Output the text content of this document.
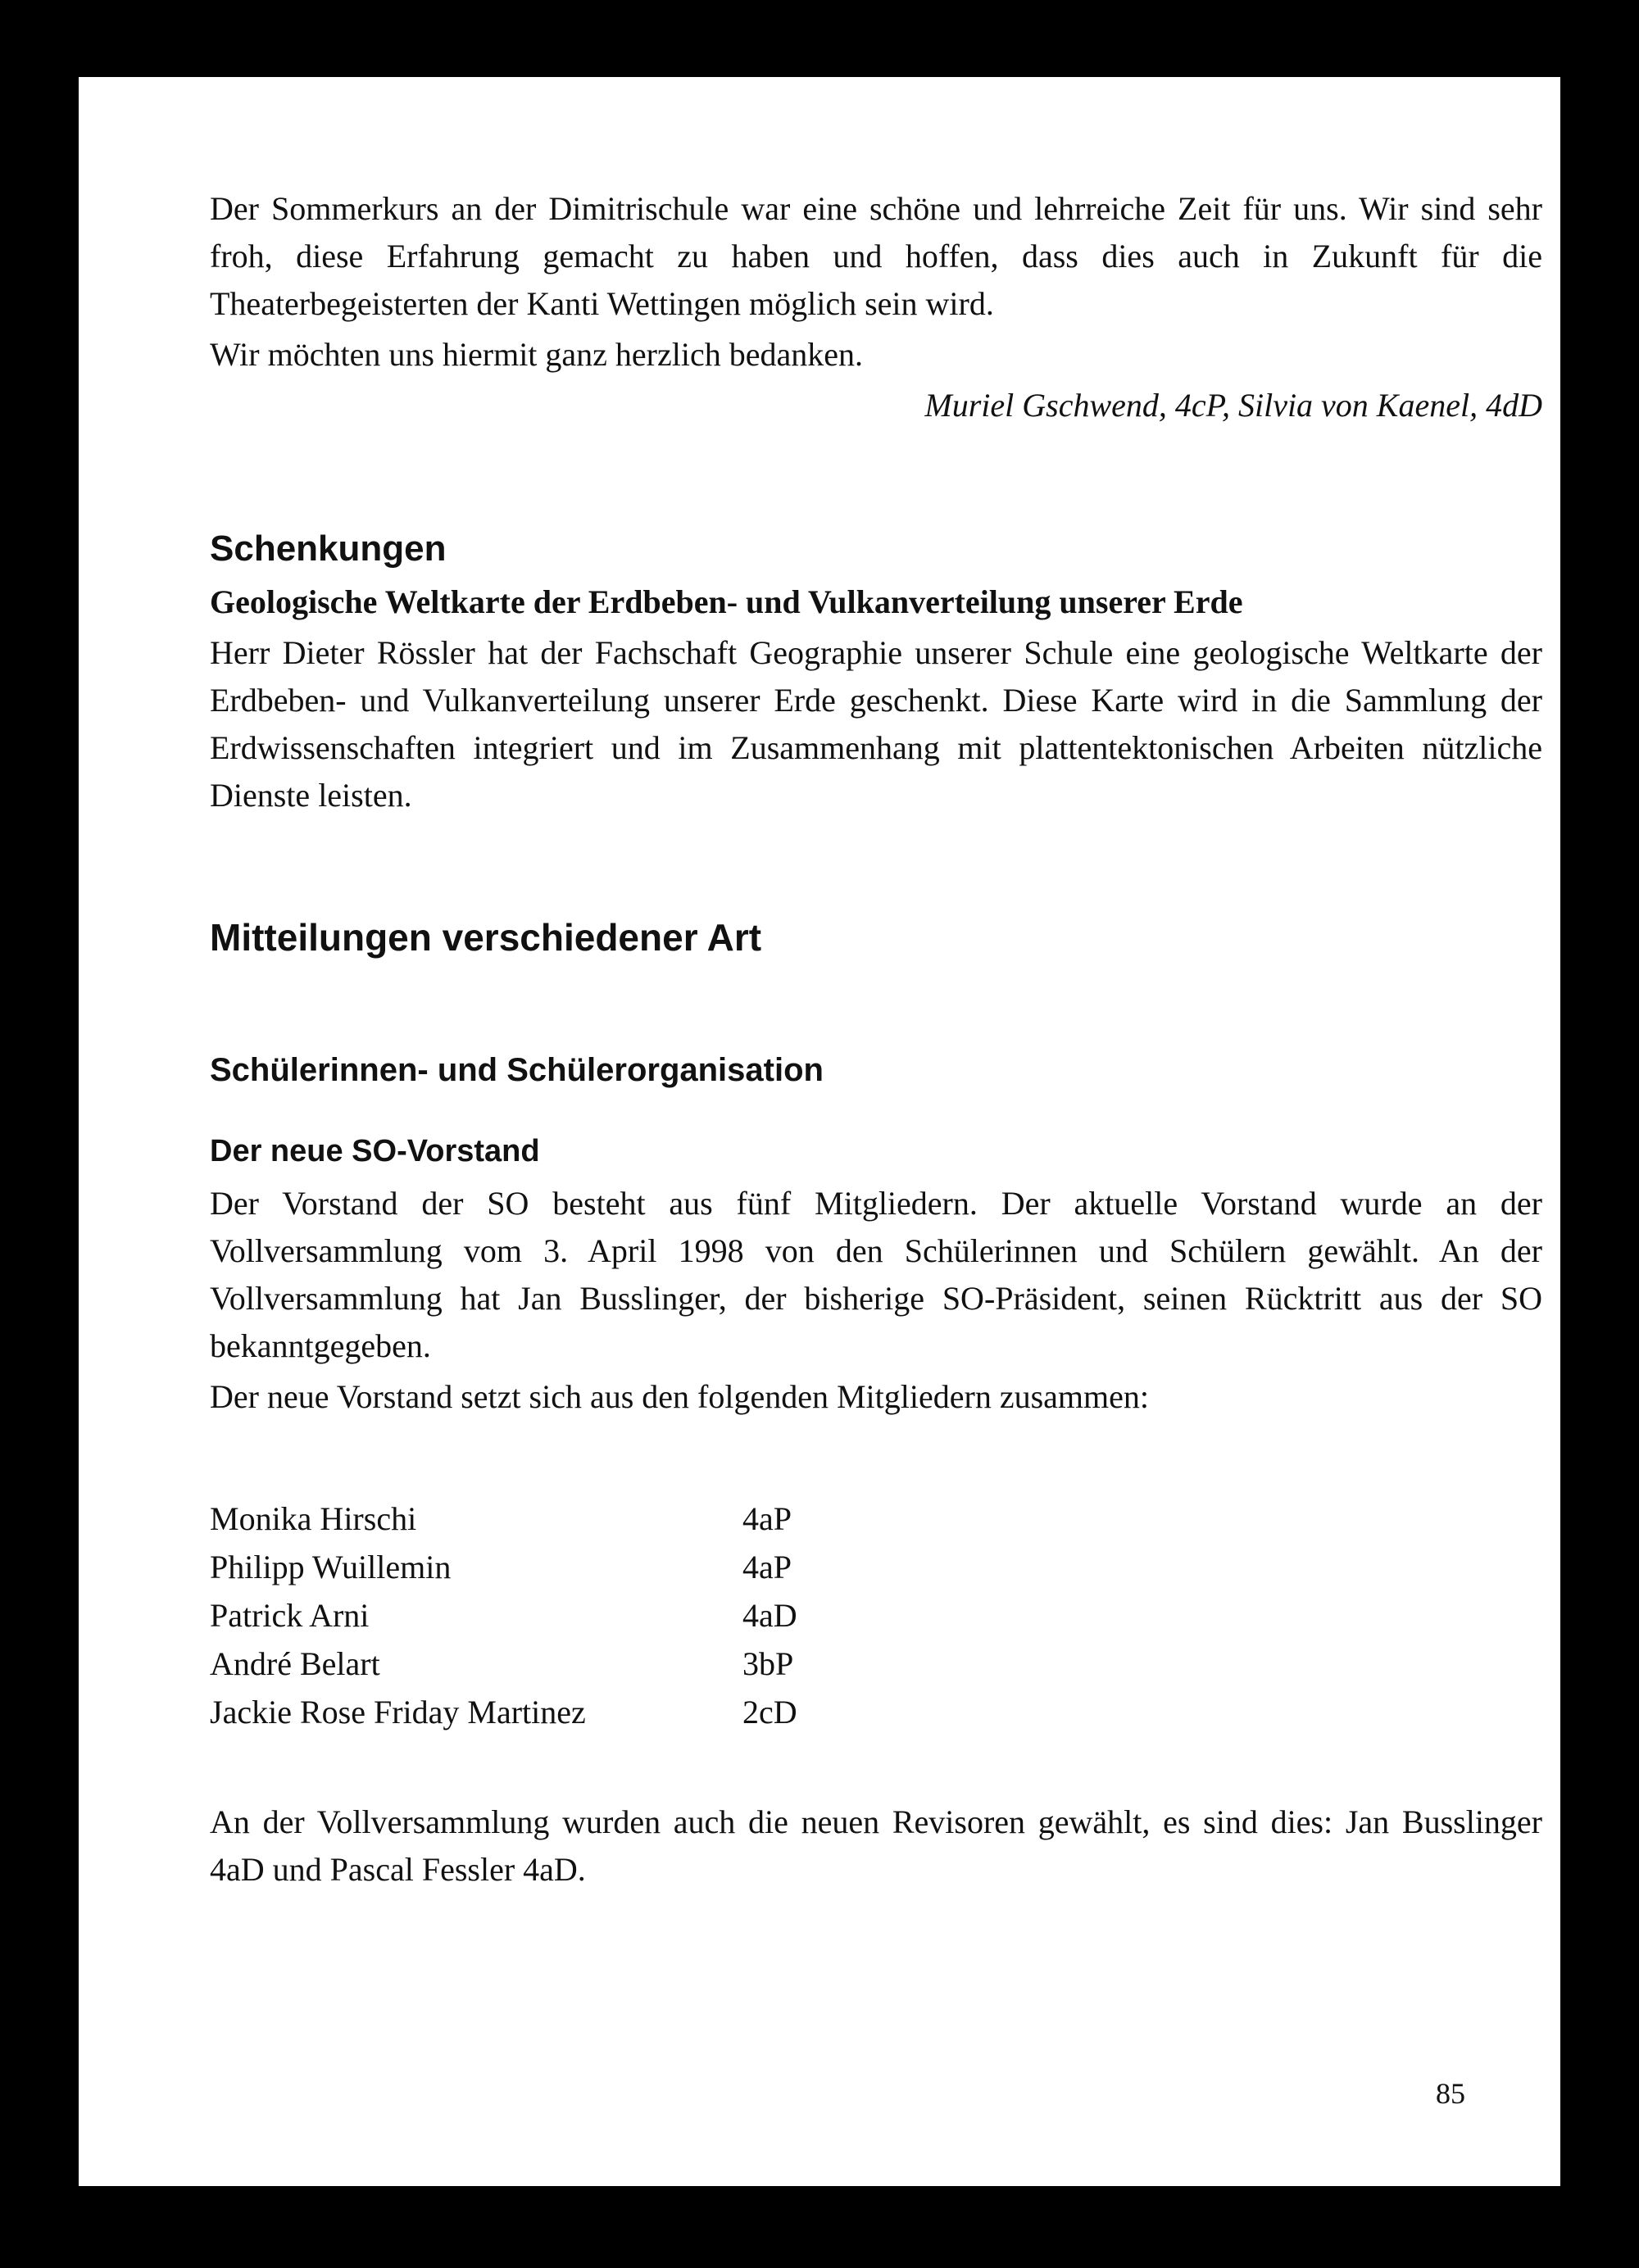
Der Sommerkurs an der Dimitrischule war eine schöne und lehrreiche Zeit für uns. Wir sind sehr froh, diese Erfahrung gemacht zu haben und hoffen, dass dies auch in Zukunft für die Theaterbegeisterten der Kanti Wettingen möglich sein wird.

Wir möchten uns hiermit ganz herzlich bedanken.

Muriel Gschwend, 4cP, Silvia von Kaenel, 4dD

Schenkungen
Geologische Weltkarte der Erdbeben- und Vulkanverteilung unserer Erde

Herr Dieter Rössler hat der Fachschaft Geographie unserer Schule eine geologische Weltkarte der Erdbeben- und Vulkanverteilung unserer Erde geschenkt. Diese Karte wird in die Sammlung der Erdwissenschaften integriert und im Zusammenhang mit plattentektonischen Arbeiten nützliche Dienste leisten.

Mitteilungen verschiedener Art
Schülerinnen- und Schülerorganisation
Der neue SO-Vorstand

Der Vorstand der SO besteht aus fünf Mitgliedern. Der aktuelle Vorstand wurde an der Vollversammlung vom 3. April 1998 von den Schülerinnen und Schülern gewählt. An der Vollversammlung hat Jan Busslinger, der bisherige SO-Präsident, seinen Rücktritt aus der SO bekanntgegeben.

Der neue Vorstand setzt sich aus den folgenden Mitgliedern zusammen:

Monika Hirschi	4aP
Philipp Wuillemin	4aP
Patrick Arni	4aD
André Belart	3bP
Jackie Rose Friday Martinez	2cD

An der Vollversammlung wurden auch die neuen Revisoren gewählt, es sind dies: Jan Busslinger 4aD und Pascal Fessler 4aD.

85
